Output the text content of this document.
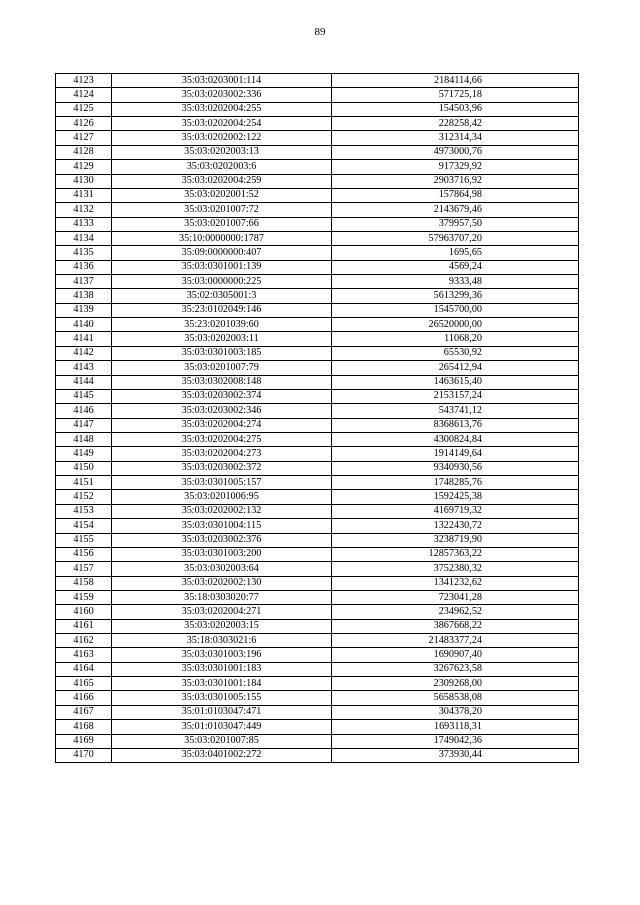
89
4123	35:03:0203001:114	2184114,66
4124	35:03:0203002:336	571725,18
4125	35:03:0202004:255	154503,96
4126	35:03:0202004:254	228258,42
4127	35:03:0202002:122	312314,34
4128	35:03:0202003:13	4973000,76
4129	35:03:0202003:6	917329,92
4130	35:03:0202004:259	2903716,92
4131	35:03:0202001:52	157864,98
4132	35:03:0201007:72	2143679,46
4133	35:03:0201007:66	379957,50
4134	35:10:0000000:1787	57963707,20
4135	35:09:0000000:407	1695,65
4136	35:03:0301001:139	4569,24
4137	35:03:0000000:225	9333,48
4138	35:02:0305001:3	5613299,36
4139	35:23:0102049:146	1545700,00
4140	35:23:0201039:60	26520000,00
4141	35:03:0202003:11	11068,20
4142	35:03:0301003:185	65530,92
4143	35:03:0201007:79	265412,94
4144	35:03:0302008:148	1463615,40
4145	35:03:0203002:374	2153157,24
4146	35:03:0203002:346	543741,12
4147	35:03:0202004:274	8368613,76
4148	35:03:0202004:275	4300824,84
4149	35:03:0202004:273	1914149,64
4150	35:03:0203002:372	9340930,56
4151	35:03:0301005:157	1748285,76
4152	35:03:0201006:95	1592425,38
4153	35:03:0202002:132	4169719,32
4154	35:03:0301004:115	1322430,72
4155	35:03:0203002:376	3238719,90
4156	35:03:0301003:200	12857363,22
4157	35:03:0302003:64	3752380,32
4158	35:03:0202002:130	1341232,62
4159	35:18:0303020:77	723041,28
4160	35:03:0202004:271	234962,52
4161	35:03:0202003:15	3867668,22
4162	35:18:0303021:6	21483377,24
4163	35:03:0301003:196	1690907,40
4164	35:03:0301001:183	3267623,58
4165	35:03:0301001:184	2309268,00
4166	35:03:0301005:155	5658538,08
4167	35:01:0103047:471	304378,20
4168	35:01:0103047:449	1693118,31
4169	35:03:0201007:85	1749042,36
4170	35:03:0401002:272	373930,44
